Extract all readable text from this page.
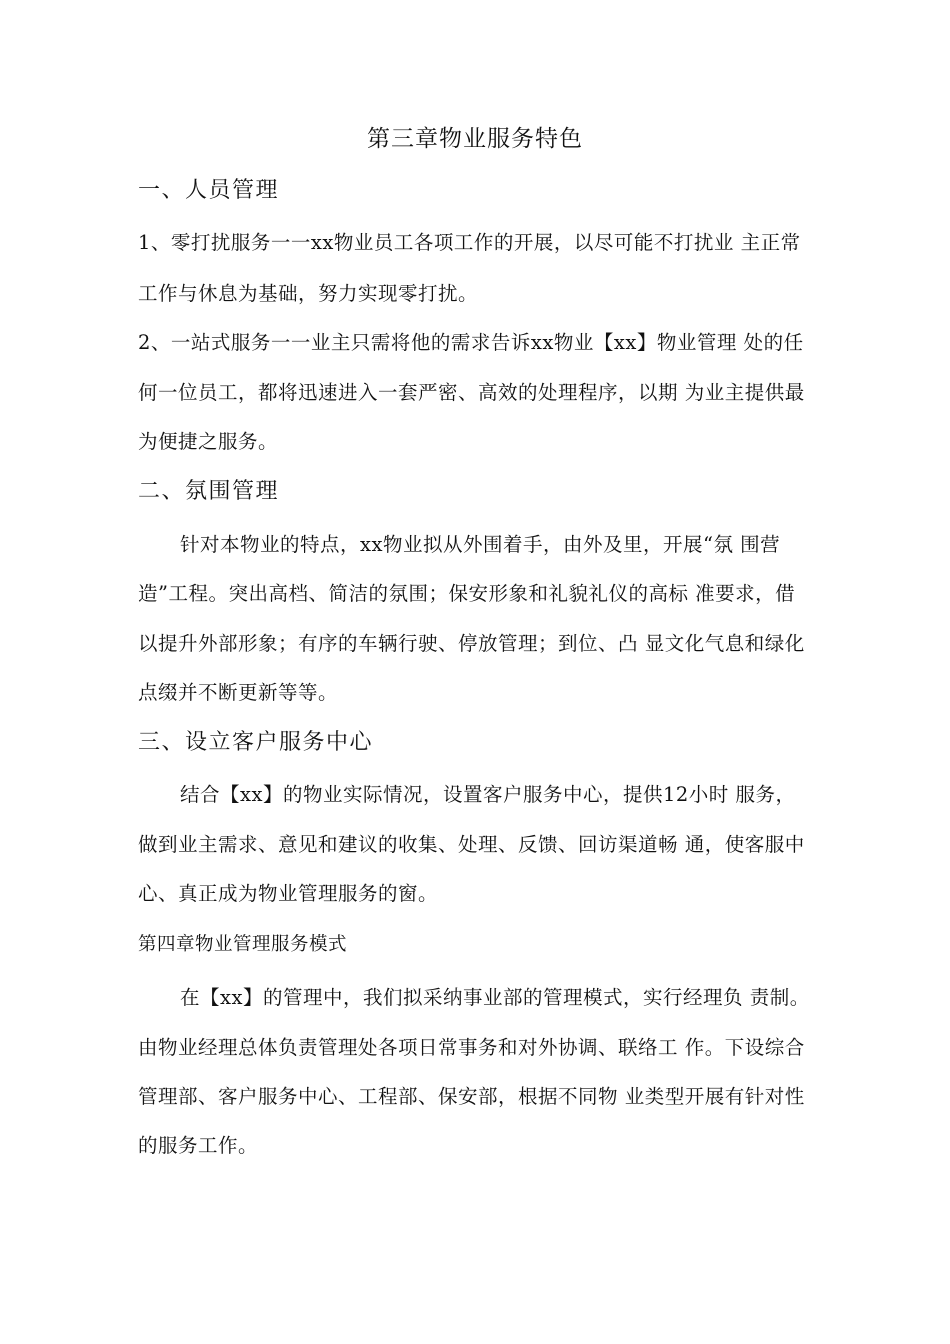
第三章物业服务特色
一、人员管理
1、零打扰服务一一xx物业员工各项工作的开展，以尽可能不打扰业 主正常
工作与休息为基础，努力实现零打扰。
2、一站式服务一一业主只需将他的需求告诉xx物业【xx】物业管理 处的任
何一位员工，都将迅速进入一套严密、高效的处理程序，以期 为业主提供最
为便捷之服务。
二、氛围管理
针对本物业的特点，xx物业拟从外围着手，由外及里，开展“氛 围营
造”工程。突出高档、简洁的氛围；保安形象和礼貌礼仪的高标 准要求，借
以提升外部形象；有序的车辆行驶、停放管理；到位、凸 显文化气息和绿化
点缀并不断更新等等。
三、设立客户服务中心
结合【xx】的物业实际情况，设置客户服务中心，提供12小时 服务，
做到业主需求、意见和建议的收集、处理、反馈、回访渠道畅 通，使客服中
心、真正成为物业管理服务的窗。
第四章物业管理服务模式
在【xx】的管理中，我们拟采纳事业部的管理模式，实行经理负 责制。
由物业经理总体负责管理处各项日常事务和对外协调、联络工 作。下设综合
管理部、客户服务中心、工程部、保安部，根据不同物 业类型开展有针对性
的服务工作。
